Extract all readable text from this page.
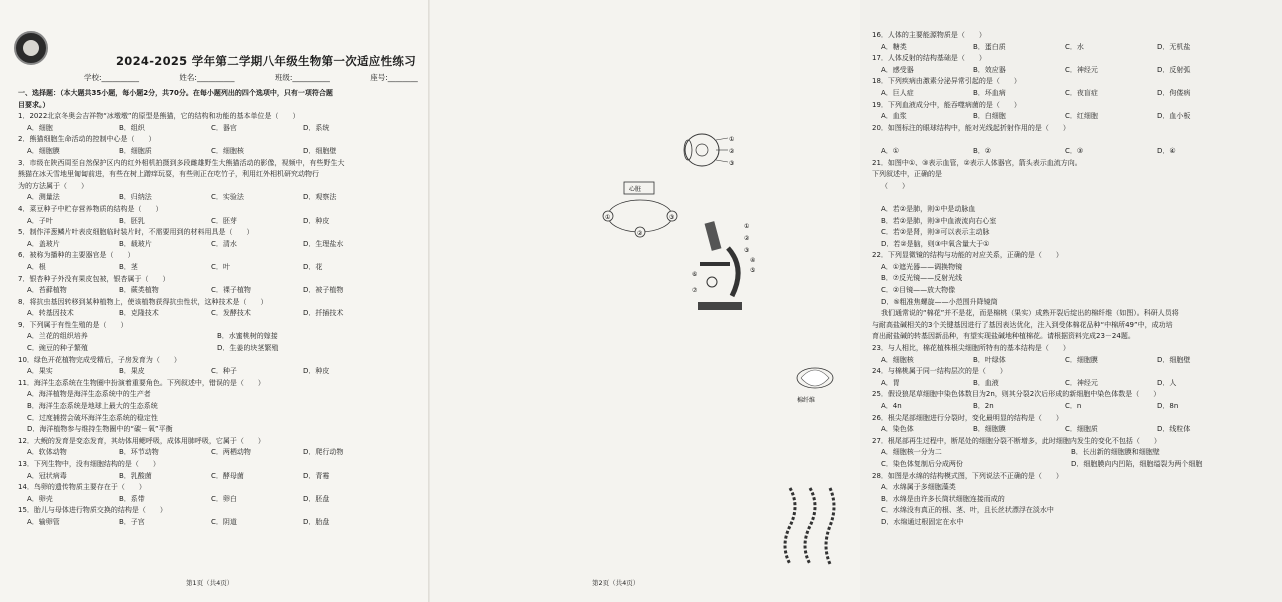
2024-2025 学年第二学期八年级生物第一次适应性练习
学校:__________	姓名:__________	班级:__________	座号:________

一、选择题：（本大题共35小题，每小题2分，共70分。在每小题列出的四个选项中，只有一项符合题

目要求。）

1．2022北京冬奥会吉祥物“冰墩墩”的原型是熊猫，它的结构和功能的基本单位是（　　）

A．细胞	B．组织	C．器官	D．系统

2．熊猫细胞生命活动的控制中心是（　　）

A．细胞膜	B．细胞质	C．细胞核	D．细胞壁

3．市级在陕西周至自然保护区内的红外相机拍摄到多段雌雄野生大熊猫活动的影像，视频中，有些野生大

熊猫在冰天雪地里匍匐前进，有些在树上蹭痒玩耍，有些则正在吃竹子，利用红外相机研究动物行

为的方法属于（　　）

A．测量法	B．归纳法	C．实验法	D．观察法

4．菜豆种子中贮存营养物质的结构是（　　）

A．子叶	B．胚乳	C．胚芽	D．种皮

5．制作洋葱鳞片叶表皮细胞临时装片时，不需要用到的材料用具是（　　）

A．盖玻片	B．载玻片	C．清水	D．生理盐水

6．被称为播种的主要器官是（　　）

A．根	B．茎	C．叶	D．花

7．银杏种子外没有果皮包被，银杏属于（　　）

A．苔藓植物	B．蕨类植物	C．裸子植物	D．被子植物

8．将抗虫基因转移到某种植物上，使该植物获得抗虫性状，这种技术是（　　）

A．转基因技术	B．克隆技术	C．发酵技术	D．扦插技术

9．下列属于有性生殖的是（　　）

A．兰花的组织培养	B．水蜜桃树的嫁接

C．豌豆的种子繁殖	D．生姜的块茎繁殖

10．绿色开花植物完成受精后，子房发育为（　　）

A．果实	B．果皮	C．种子	D．种皮

11．海洋生态系统在生物圈中扮演着重要角色。下列叙述中，错误的是（　　）

A．海洋植物是海洋生态系统中的生产者

B．海洋生态系统是地球上最大的生态系统

C．过度捕捞会破坏海洋生态系统的稳定性

D．海洋植物参与维持生物圈中的“碳－氧”平衡

12．大鲵的发育是变态发育，其幼体用鳃呼吸，成体用肺呼吸，它属于（　　）

A．软体动物	B．环节动物	C．两栖动物	D．爬行动物

13．下列生物中，没有细胞结构的是（　　）

A．冠状病毒	B．乳酸菌	C．酵母菌	D．青霉

14．鸟卵的遗传物质主要存在于（　　）

A．卵壳	B．系带	C．卵白	D．胚盘

15．胎儿与母体进行物质交换的结构是（　　）

A．输卵管	B．子宫	C．阴道	D．胎盘

第1页（共4页）

16．人体的主要能源物质是（　　）

A．糖类	B．蛋白质	C．水	D．无机盐

17．人体反射的结构基础是（　　）

A．感受器	B．效应器	C．神经元	D．反射弧

18．下列疾病由激素分泌异常引起的是（　　）

A．巨人症	B．坏血病	C．夜盲症	D．佝偻病

19．下列血液成分中，能吞噬病菌的是（　　）

A．血浆	B．白细胞	C．红细胞	D．血小板

20．如图标注的眼球结构中，能对光线起折射作用的是（　　）

A．①	B．②	C．③	D．④

21．如图中①、③表示血管，②表示人体器官，箭头表示血流方向。

下列叙述中，正确的是

（　　）

A．若②是肺，则①中是动脉血

B．若②是肺，则③中血液流向右心室

C．若②是肾，则③可以表示主动脉

D．若②是脑，则③中氧含量大于①

22．下列显微镜的结构与功能的对应关系，正确的是（　　）

A．①遮光器——调换物镜

B．⑦反光镜——反射光线

C．②目镜——放大物像

D．⑤粗准焦螺旋——小范围升降镜筒

我们通常说的“棉花”并不是花，而是棉桃（果实）成熟开裂后绽出的棉纤维（如图）。科研人员将

与耐高盐碱相关的3个关键基因进行了基因表达优化，注入到受体棉花品种“中棉所49”中，成功培

育出耐盐碱的转基因新品种，有望实现盐碱地种植棉花。请根据资料完成23－24题。

23．与人相比，棉花植株根尖细胞所特有的基本结构是（　　）

A．细胞核	B．叶绿体	C．细胞膜	D．细胞壁

24．与棉桃属于同一结构层次的是（　　）

A．胃	B．血液	C．神经元	D．人

25．假设狼尾草细胞中染色体数目为2n，则其分裂2次后形成的新细胞中染色体数是（　　）

A．4n	B．2n	C．n	D．8n

26．根尖尾部细胞进行分裂时，变化最明显的结构是（　　）

A．染色体	B．细胞膜	C．细胞质	D．线粒体

27．根尾部再生过程中，断尾处的细胞分裂不断增多，此时细胞内发生的变化不包括（　　）

A．细胞核一分为二	B．长出新的细胞膜和细胞壁

C．染色体复制后分成两份	D．细胞膜向内凹陷，细胞缢裂为两个细胞

28．如图是水绵的结构模式图，下列说法不正确的是（　　）

A．水绵属于多细胞藻类

B．水绵是由许多长筒状细胞连接而成的

C．水绵没有真正的根、茎、叶，且长丝状漂浮在淡水中

D．水绵通过根固定在水中

①
②
③
心脏
①
②
③
①
②
③
④
⑤
⑥
⑦
棉纤维
第2页（共4页）
